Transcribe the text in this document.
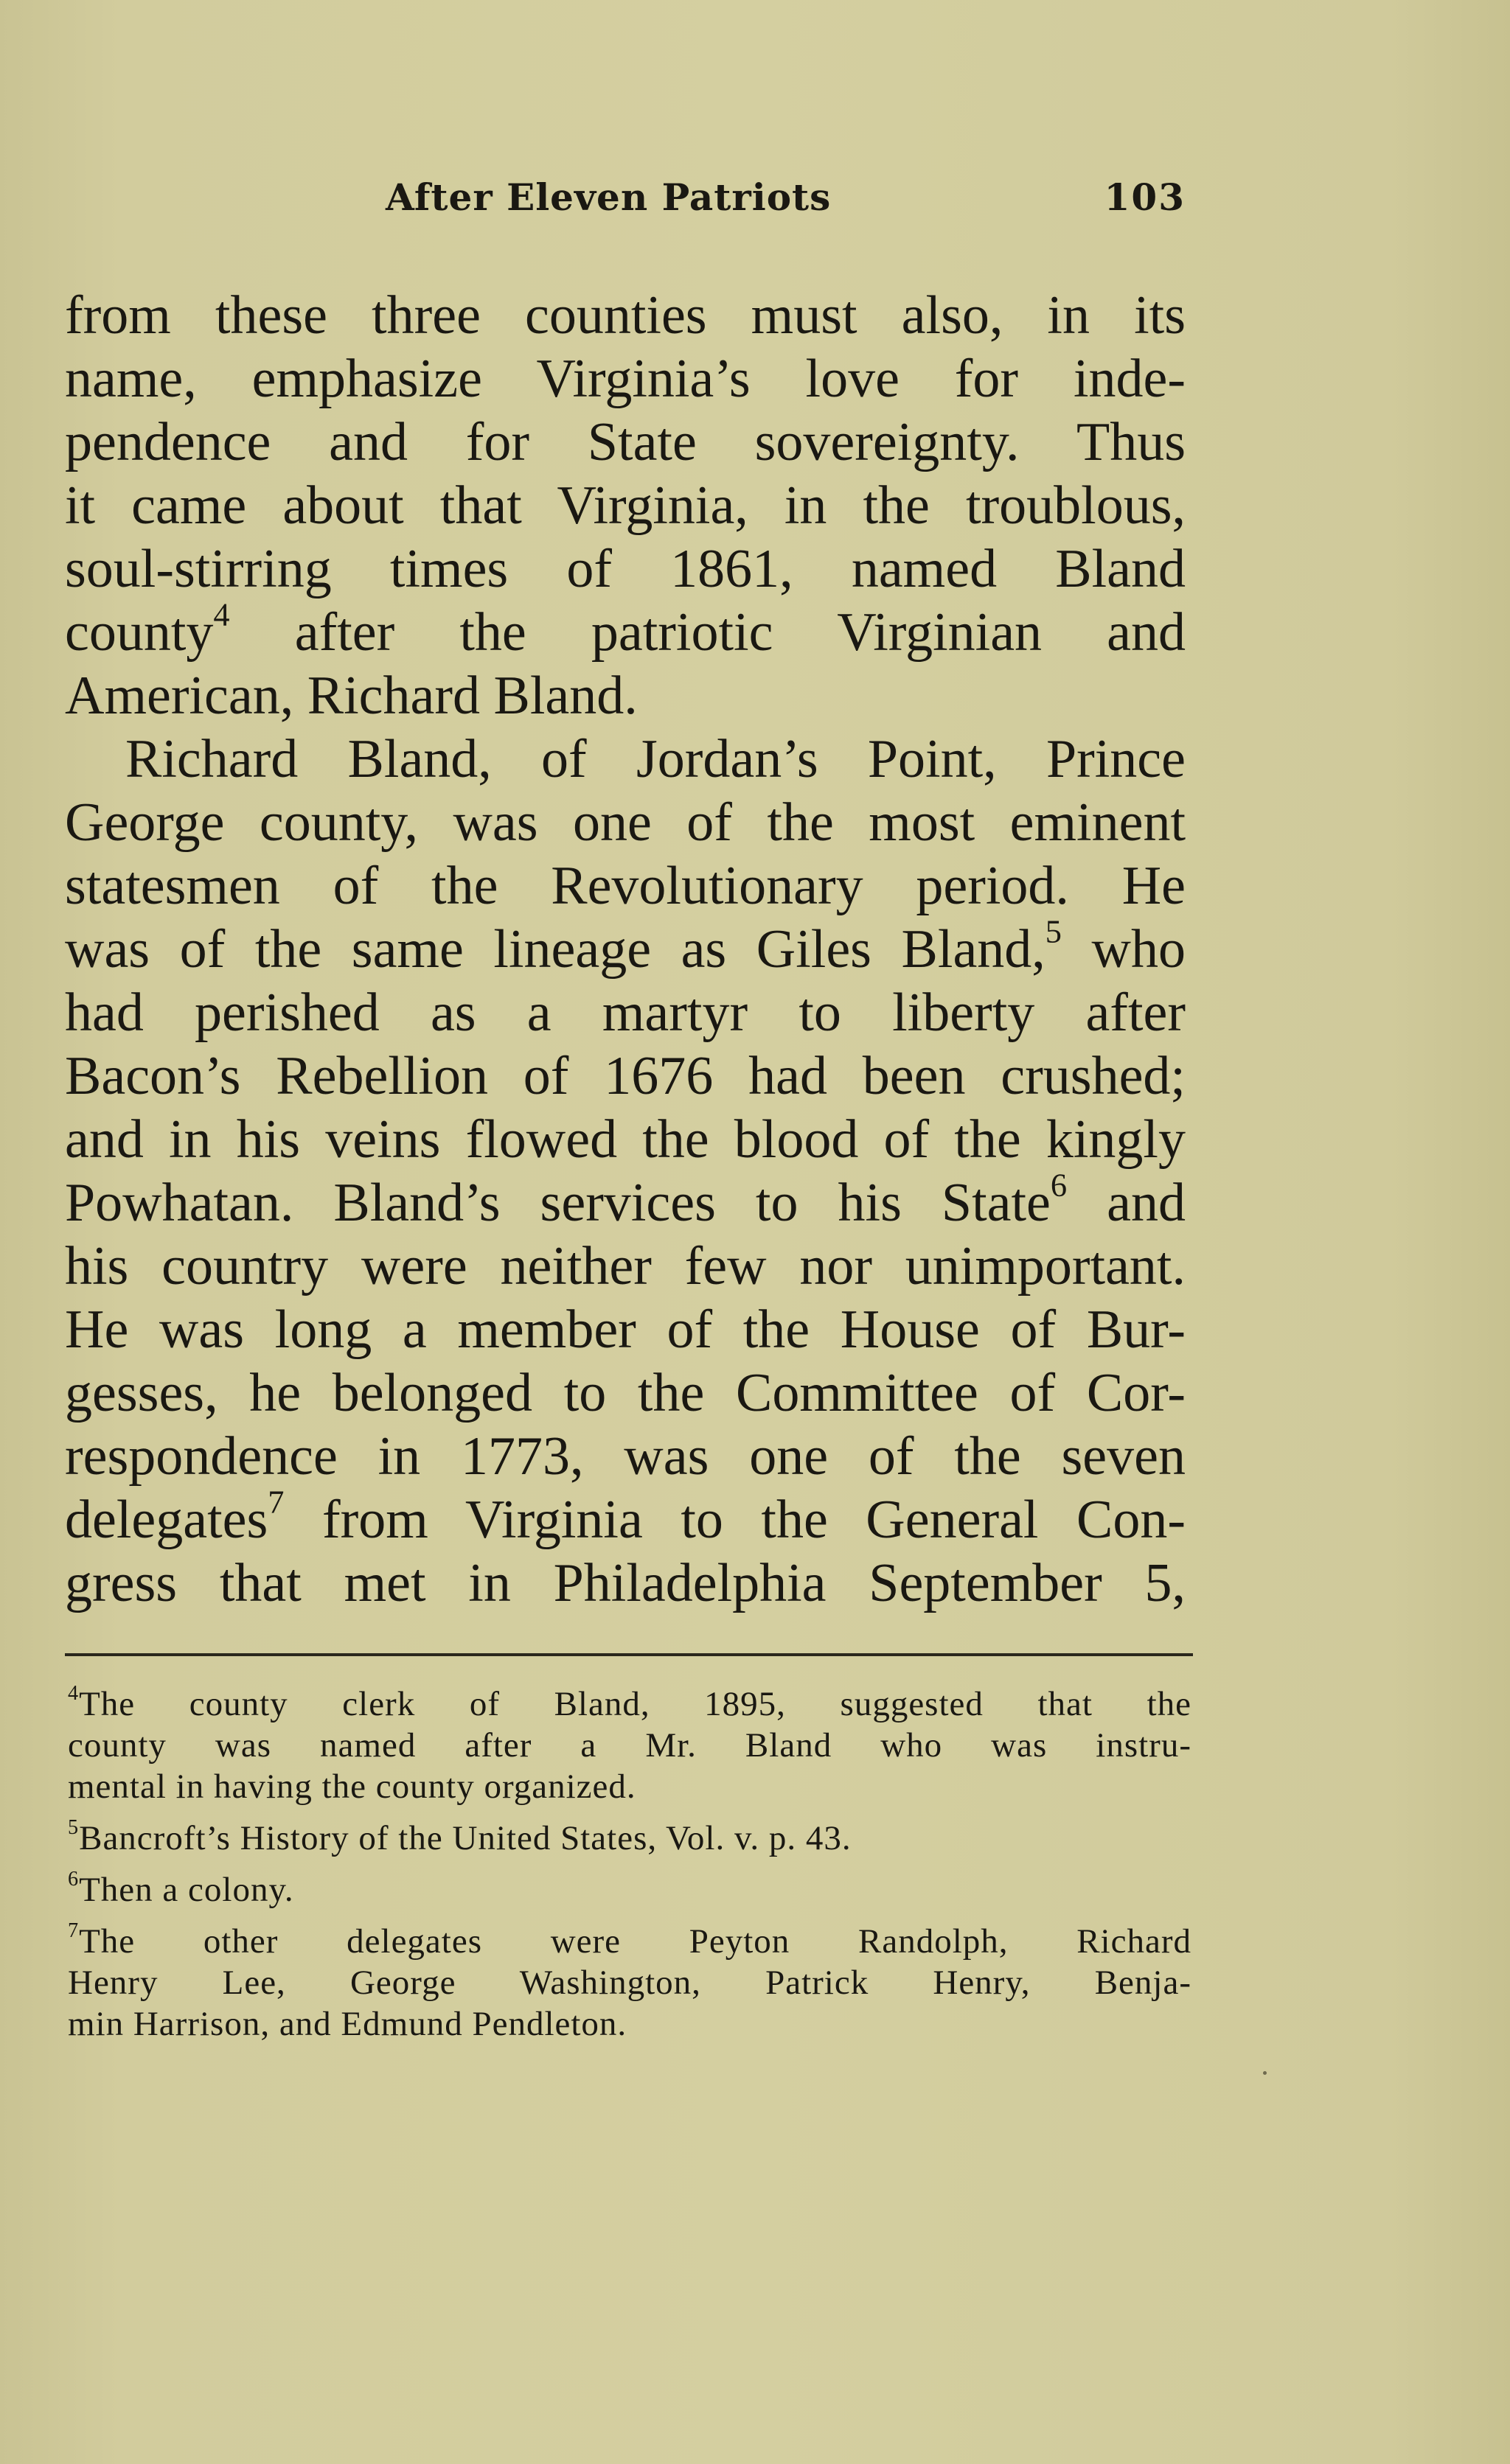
After Eleven Patriots	103
from these three counties must also, in its
name, emphasize Virginia’s love for inde-
pendence and for State sovereignty. Thus
it came about that Virginia, in the troublous,
soul-stirring times of 1861, named Bland
county$^4$ after the patriotic Virginian and
American, Richard Bland.
Richard Bland, of Jordan’s Point, Prince
George county, was one of the most eminent
statesmen of the Revolutionary period. He
was of the same lineage as Giles Bland,$^5$ who
had perished as a martyr to liberty after
Bacon’s Rebellion of 1676 had been crushed;
and in his veins flowed the blood of the kingly
Powhatan. Bland’s services to his State$^6$ and
his country were neither few nor unimportant.
He was long a member of the House of Bur-
gesses, he belonged to the Committee of Cor-
respondence in 1773, was one of the seven
delegates$^7$ from Virginia to the General Con-
gress that met in Philadelphia September 5,
$^4$The county clerk of Bland, 1895, suggested that the
county was named after a Mr. Bland who was instru-
mental in having the county organized.
$^5$Bancroft’s History of the United States, Vol. v. p. 43.
$^6$Then a colony.
$^7$The other delegates were Peyton Randolph, Richard
Henry Lee, George Washington, Patrick Henry, Benja-
min Harrison, and Edmund Pendleton.
